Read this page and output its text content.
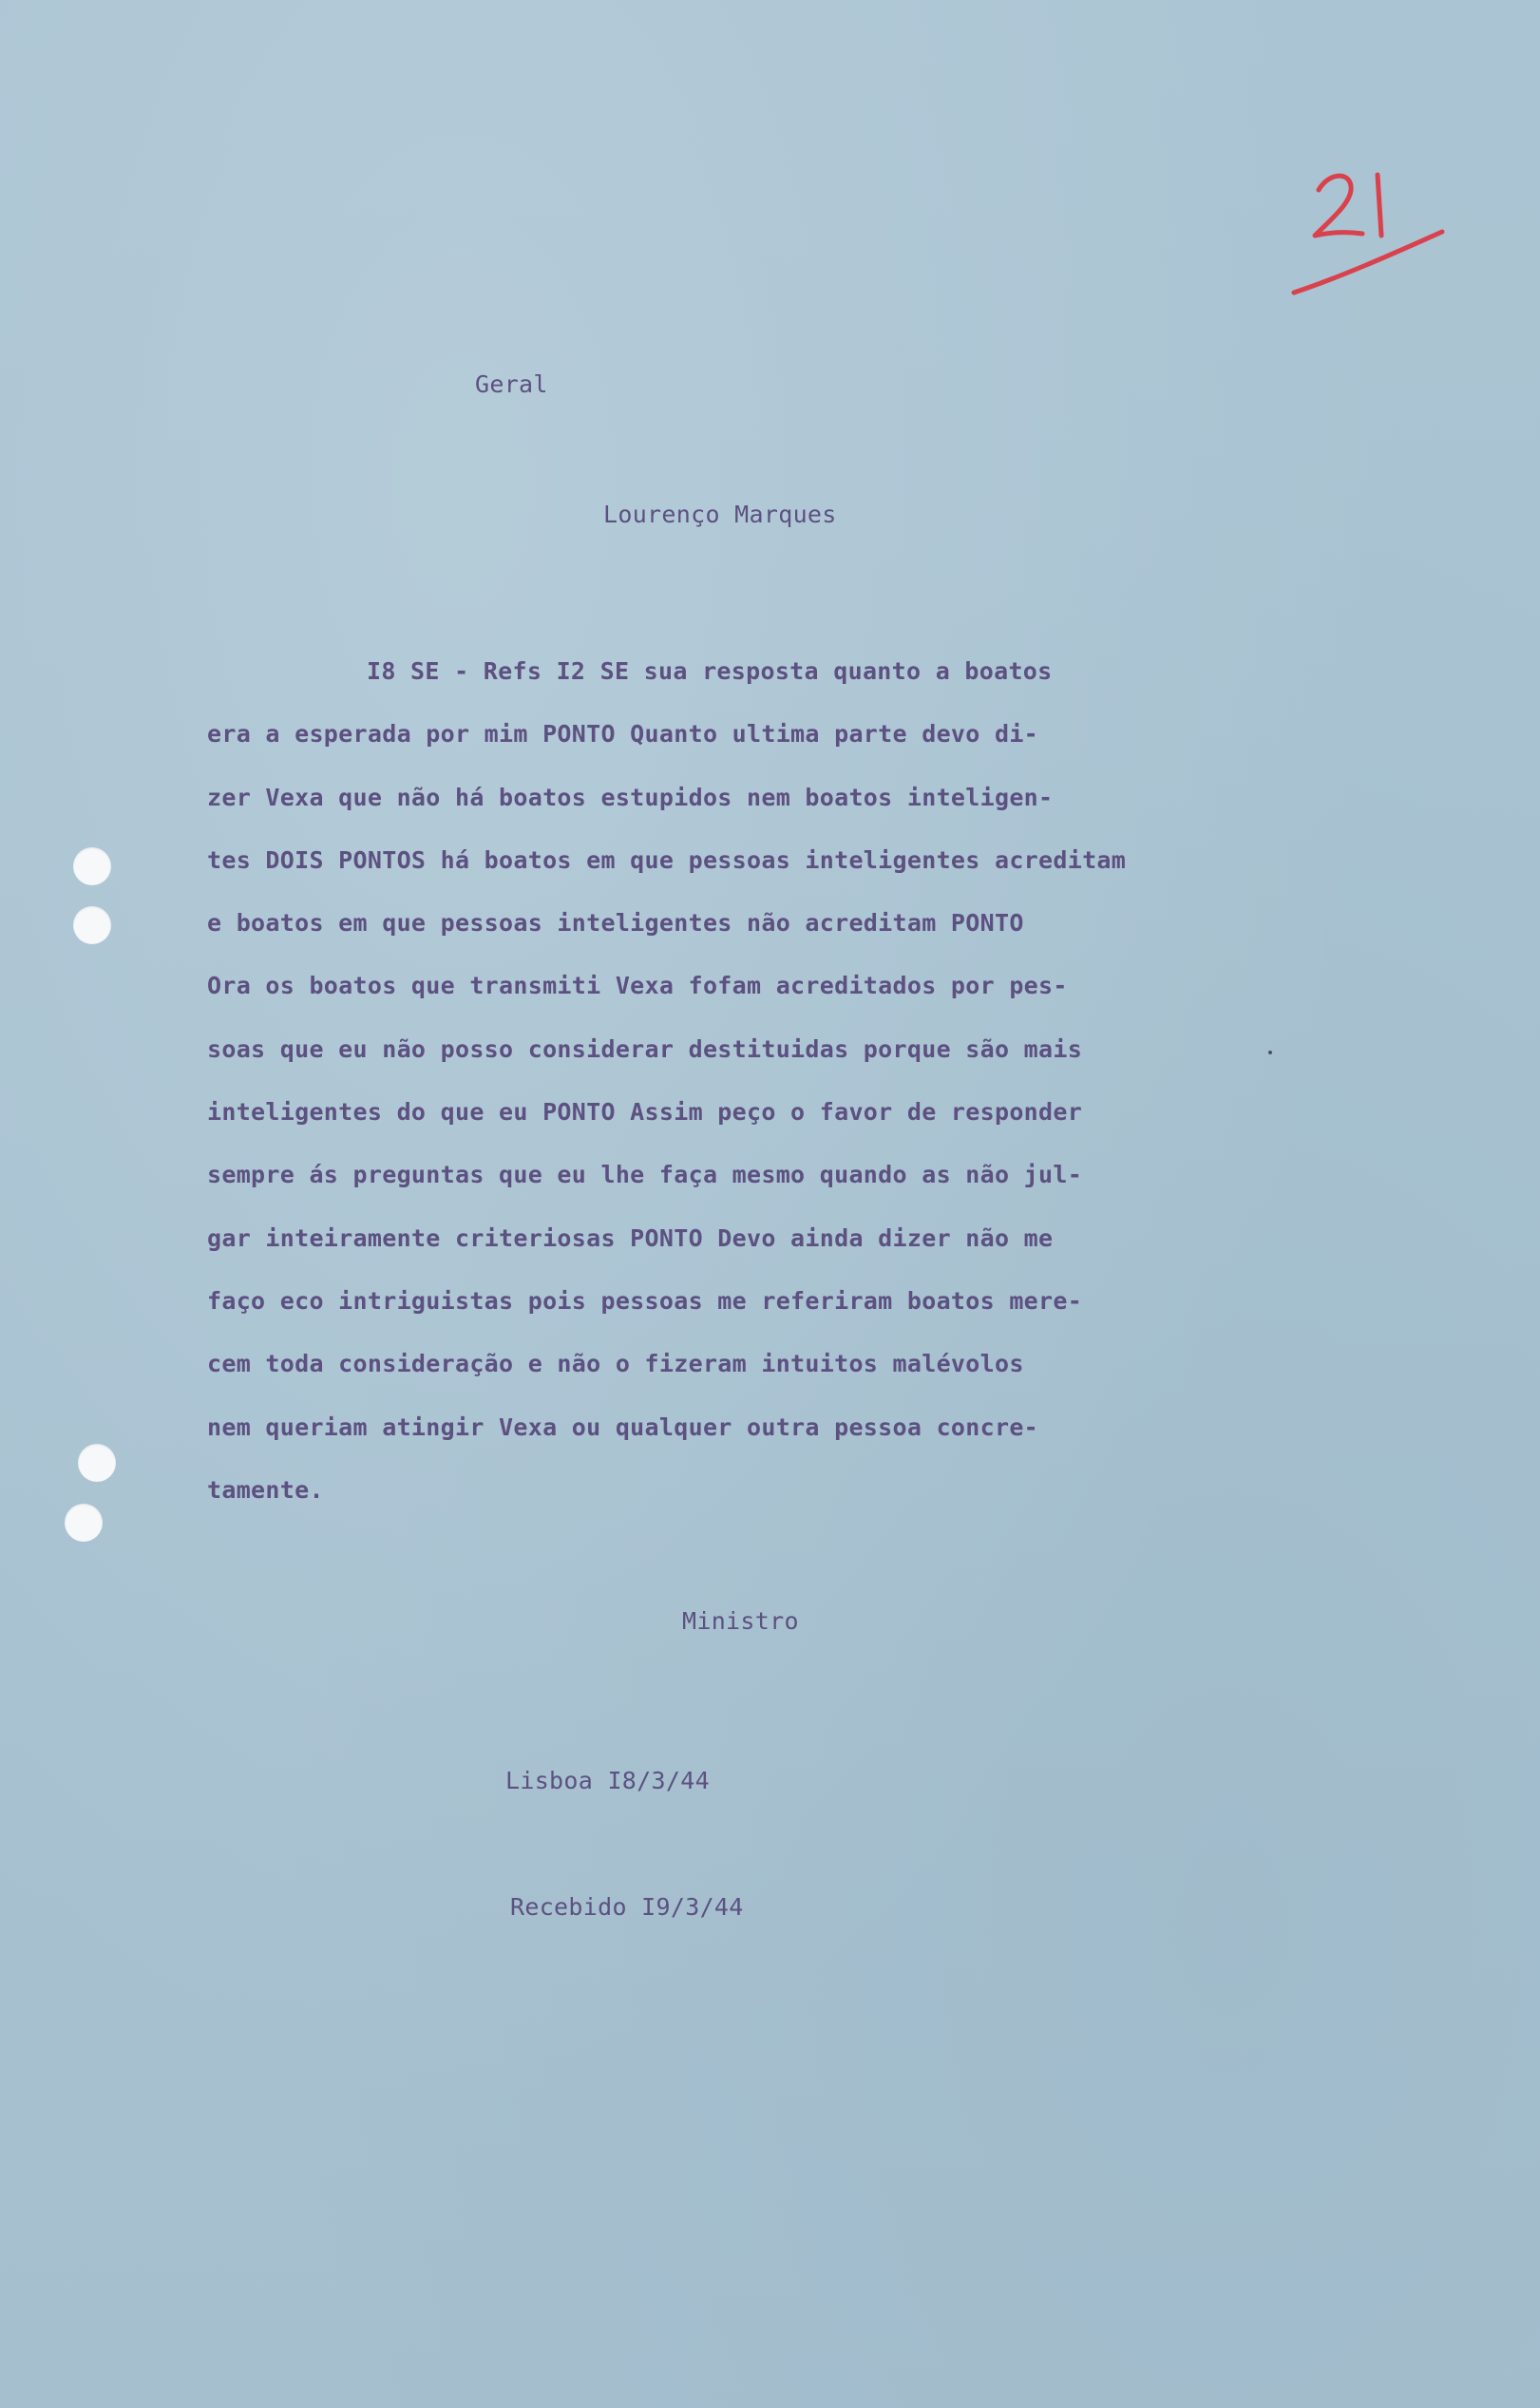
Geral

Lourenço Marques

I8 SE - Refs I2 SE sua resposta quanto a boatos
era a esperada por mim PONTO Quanto ultima parte devo di-
zer Vexa que não há boatos estupidos nem boatos inteligen-
tes DOIS PONTOS há boatos em que pessoas inteligentes acreditam
e boatos em que pessoas inteligentes não acreditam PONTO
Ora os boatos que transmiti Vexa fofam acreditados por pes-
soas que eu não posso considerar destituidas porque são mais
inteligentes do que eu PONTO Assim peço o favor de responder
sempre ás preguntas que eu lhe faça mesmo quando as não jul-
gar inteiramente criteriosas PONTO Devo ainda dizer não me
faço eco intriguistas pois pessoas me referiram boatos mere-
cem toda consideração e não o fizeram intuitos malévolos
nem queriam atingir Vexa ou qualquer outra pessoa concre-
tamente.

Ministro

Lisboa I8/3/44

Recebido I9/3/44
